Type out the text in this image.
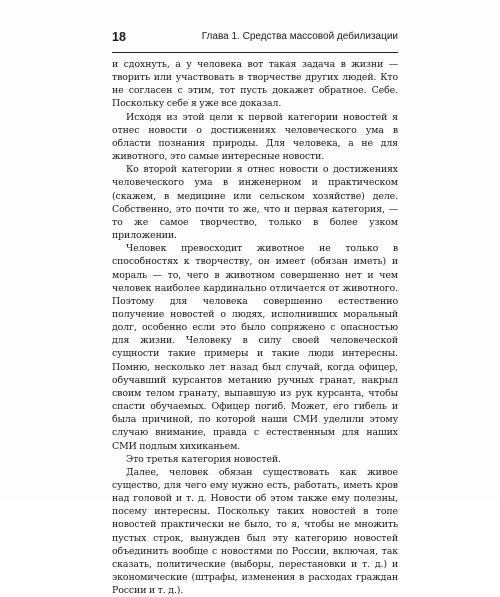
18	Глава 1. Средства массовой дебилизации

и сдохнуть, а у человека вот такая задача в жизни — творить или участвовать в творчестве других людей. Кто не согласен с этим, тот пусть докажет обратное. Себе. Поскольку себе я уже все доказал.

Исходя из этой цели к первой категории новостей я отнес новости о достижениях человеческого ума в области познания природы. Для человека, а не для животного, это самые интересные новости.

Ко второй категории я отнес новости о достижениях человеческого ума в инженерном и практическом (скажем, в медицине или сельском хозяйстве) деле. Собственно, это почти то же, что и первая категория, — то же самое творчество, только в более узком приложении.

Человек превосходит животное не только в способностях к творчеству, он имеет (обязан иметь) и мораль — то, чего в животном совершенно нет и чем человек наиболее кардинально отличается от животного. Поэтому для человека совершенно естественно получение новостей о людях, исполнивших моральный долг, особенно если это было сопряжено с опасностью для жизни. Человеку в силу своей человеческой сущности такие примеры и такие люди интересны. Помню, несколько лет назад был случай, когда офицер, обучавший курсантов метанию ручных гранат, накрыл своим телом гранату, выпавшую из рук курсанта, чтобы спасти обучаемых. Офицер погиб. Может, его гибель и была причиной, по которой наши СМИ уделили этому случаю внимание, правда с естественным для наших СМИ подлым хихиканьем.

Это третья категория новостей.

Далее, человек обязан существовать как живое существо, для чего ему нужно есть, работать, иметь кров над головой и т. д. Новости об этом также ему полезны, посему интересны. Поскольку таких новостей в топе новостей практически не было, то я, чтобы не множить пустых строк, вынужден был эту категорию новостей объединить вообще с новостями по России, включая, так сказать, политические (выборы, перестановки и т. д.) и экономические (штрафы, изменения в расходах граждан России и т. д.).
